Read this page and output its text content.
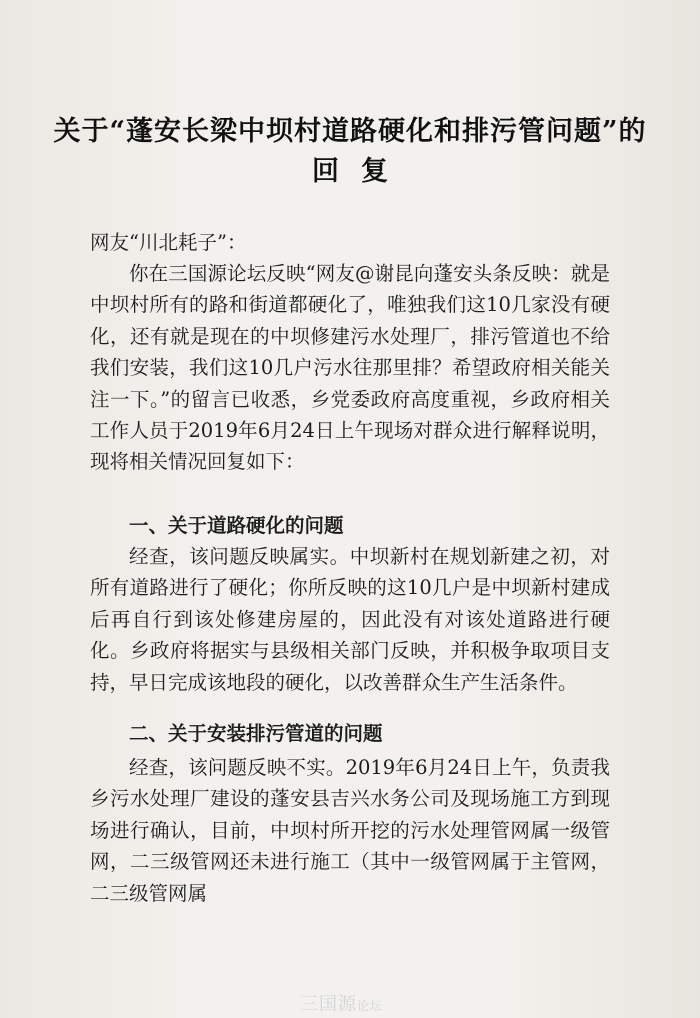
关于“蓬安长梁中坝村道路硬化和排污管问题”的
回复
网友“川北耗子”：
你在三国源论坛反映“网友@谢昆向蓬安头条反映：就是中坝村所有的路和街道都硬化了，唯独我们这10几家没有硬化，还有就是现在的中坝修建污水处理厂，排污管道也不给我们安装，我们这10几户污水往那里排？希望政府相关能关注一下。”的留言已收悉，乡党委政府高度重视，乡政府相关工作人员于2019年6月24日上午现场对群众进行解释说明，现将相关情况回复如下：
一、关于道路硬化的问题
经查，该问题反映属实。中坝新村在规划新建之初，对所有道路进行了硬化；你所反映的这10几户是中坝新村建成后再自行到该处修建房屋的，因此没有对该处道路进行硬化。乡政府将据实与县级相关部门反映，并积极争取项目支持，早日完成该地段的硬化，以改善群众生产生活条件。
二、关于安装排污管道的问题
经查，该问题反映不实。2019年6月24日上午，负责我乡污水处理厂建设的蓬安县吉兴水务公司及现场施工方到现场进行确认，目前，中坝村所开挖的污水处理管网属一级管网，二三级管网还未进行施工（其中一级管网属于主管网，二三级管网属
三国源论坛
